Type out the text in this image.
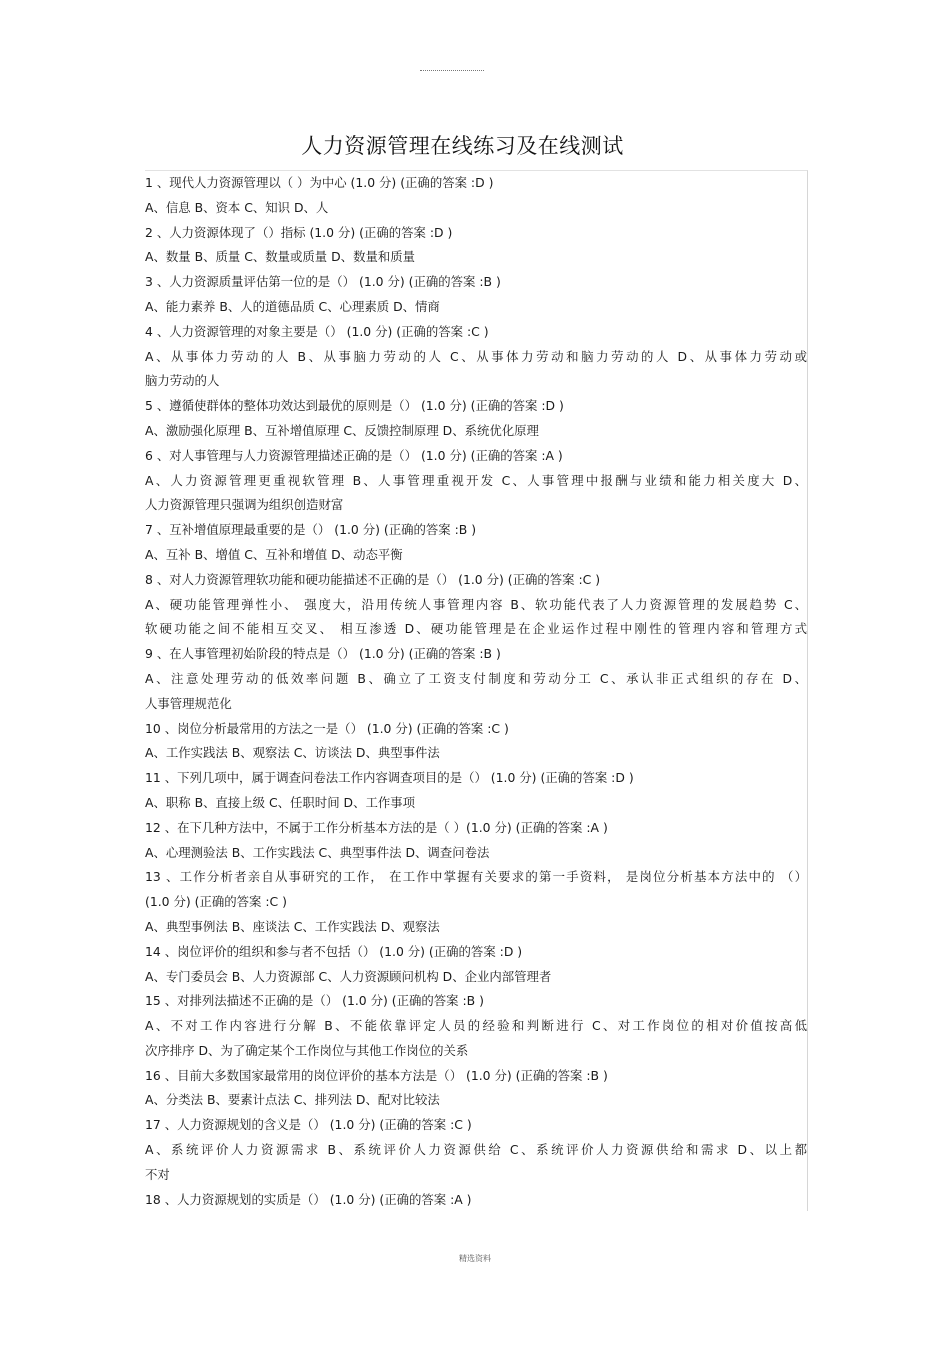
人力资源管理在线练习及在线测试
1 、现代人力资源管理以（ ）为中心 (1.0 分) (正确的答案 :D )
A、信息 B、资本 C、知识 D、人
2 、人力资源体现了（）指标 (1.0 分) (正确的答案 :D )
A、数量 B、质量 C、数量或质量 D、数量和质量
3 、人力资源质量评估第一位的是（） (1.0 分) (正确的答案 :B )
A、能力素养 B、人的道德品质 C、心理素质 D、情商
4 、人力资源管理的对象主要是（） (1.0 分) (正确的答案 :C )
A、从事体力劳动的人 B、从事脑力劳动的人 C、从事体力劳动和脑力劳动的人 D、从事体力劳动或
脑力劳动的人
5 、遵循使群体的整体功效达到最优的原则是（） (1.0 分) (正确的答案 :D )
A、激励强化原理 B、互补增值原理 C、反馈控制原理 D、系统优化原理
6 、对人事管理与人力资源管理描述正确的是（） (1.0 分) (正确的答案 :A )
A、人力资源管理更重视软管理 B、人事管理重视开发 C、人事管理中报酬与业绩和能力相关度大 D、
人力资源管理只强调为组织创造财富
7 、互补增值原理最重要的是（） (1.0 分) (正确的答案 :B )
A、互补 B、增值 C、互补和增值 D、动态平衡
8 、对人力资源管理软功能和硬功能描述不正确的是（） (1.0 分) (正确的答案 :C )
A、硬功能管理弹性小、 强度大，沿用传统人事管理内容 B、软功能代表了人力资源管理的发展趋势 C、
软硬功能之间不能相互交叉、 相互渗透 D、硬功能管理是在企业运作过程中刚性的管理内容和管理方式
9 、在人事管理初始阶段的特点是（） (1.0 分) (正确的答案 :B )
A、注意处理劳动的低效率问题 B、确立了工资支付制度和劳动分工 C、承认非正式组织的存在 D、
人事管理规范化
10 、岗位分析最常用的方法之一是（） (1.0 分) (正确的答案 :C )
A、工作实践法 B、观察法 C、访谈法 D、典型事件法
11 、下列几项中，属于调查问卷法工作内容调查项目的是（） (1.0 分) (正确的答案 :D )
A、职称 B、直接上级 C、任职时间 D、工作事项
12 、在下几种方法中，不属于工作分析基本方法的是（ ）(1.0 分) (正确的答案 :A )
A、心理测验法 B、工作实践法 C、典型事件法 D、调查问卷法
13 、工作分析者亲自从事研究的工作， 在工作中掌握有关要求的第一手资料， 是岗位分析基本方法中的 （）
(1.0 分) (正确的答案 :C )
A、典型事例法 B、座谈法 C、工作实践法 D、观察法
14 、岗位评价的组织和参与者不包括（） (1.0 分) (正确的答案 :D )
A、专门委员会 B、人力资源部 C、人力资源顾问机构 D、企业内部管理者
15 、对排列法描述不正确的是（） (1.0 分) (正确的答案 :B )
A、不对工作内容进行分解 B、不能依靠评定人员的经验和判断进行 C、对工作岗位的相对价值按高低
次序排序 D、为了确定某个工作岗位与其他工作岗位的关系
16 、目前大多数国家最常用的岗位评价的基本方法是（） (1.0 分) (正确的答案 :B )
A、分类法 B、要素计点法 C、排列法 D、配对比较法
17 、人力资源规划的含义是（） (1.0 分) (正确的答案 :C )
A、系统评价人力资源需求 B、系统评价人力资源供给 C、系统评价人力资源供给和需求 D、以上都
不对
18 、人力资源规划的实质是（） (1.0 分) (正确的答案 :A )
精选资料
